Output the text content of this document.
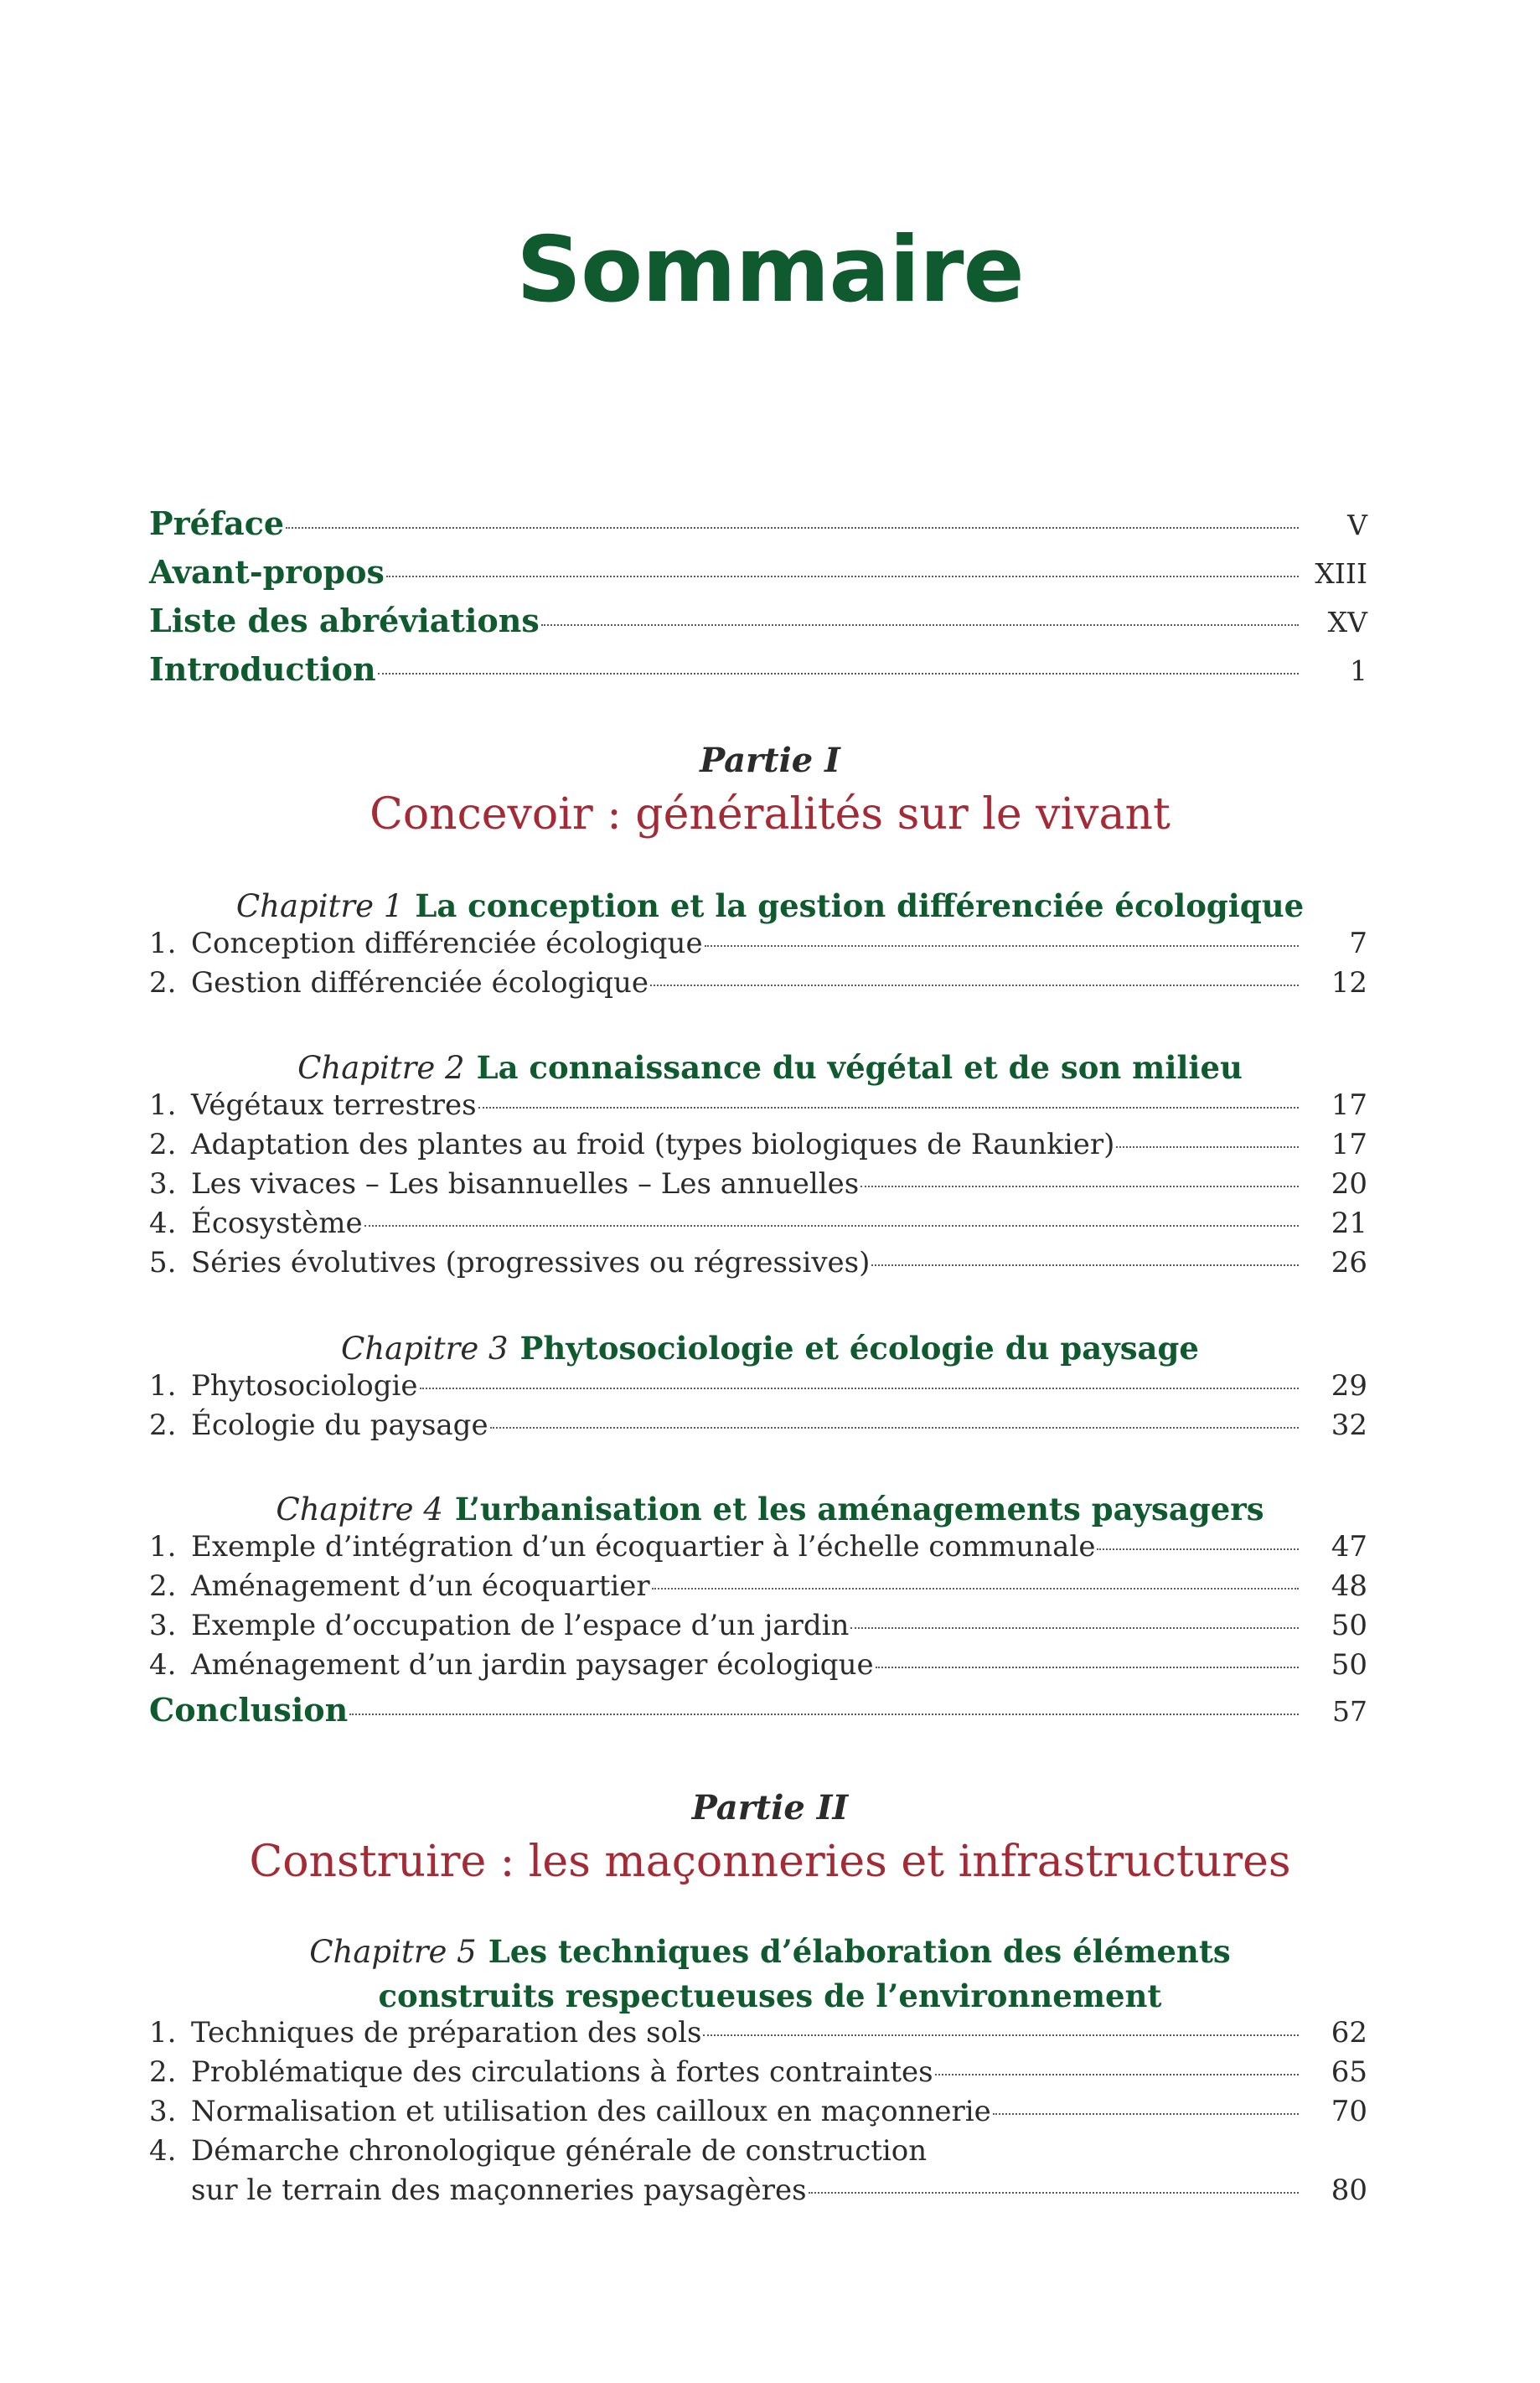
Sommaire
Préface	V
Avant-propos	XIII
Liste des abréviations	XV
Introduction	1
Partie I
Concevoir : généralités sur le vivant
Chapitre 1 La conception et la gestion différenciée écologique
1. Conception différenciée écologique	7
2. Gestion différenciée écologique	12
Chapitre 2 La connaissance du végétal et de son milieu
1. Végétaux terrestres	17
2. Adaptation des plantes au froid (types biologiques de Raunkier)	17
3. Les vivaces – Les bisannuelles – Les annuelles	20
4. Écosystème	21
5. Séries évolutives (progressives ou régressives)	26
Chapitre 3 Phytosociologie et écologie du paysage
1. Phytosociologie	29
2. Écologie du paysage	32
Chapitre 4 L’urbanisation et les aménagements paysagers
1. Exemple d’intégration d’un écoquartier à l’échelle communale	47
2. Aménagement d’un écoquartier	48
3. Exemple d’occupation de l’espace d’un jardin	50
4. Aménagement d’un jardin paysager écologique	50
Conclusion	57
Partie II
Construire : les maçonneries et infrastructures
Chapitre 5 Les techniques d’élaboration des éléments
construits respectueuses de l’environnement
1. Techniques de préparation des sols	62
2. Problématique des circulations à fortes contraintes	65
3. Normalisation et utilisation des cailloux en maçonnerie	70
4. Démarche chronologique générale de construction
sur le terrain des maçonneries paysagères	80
